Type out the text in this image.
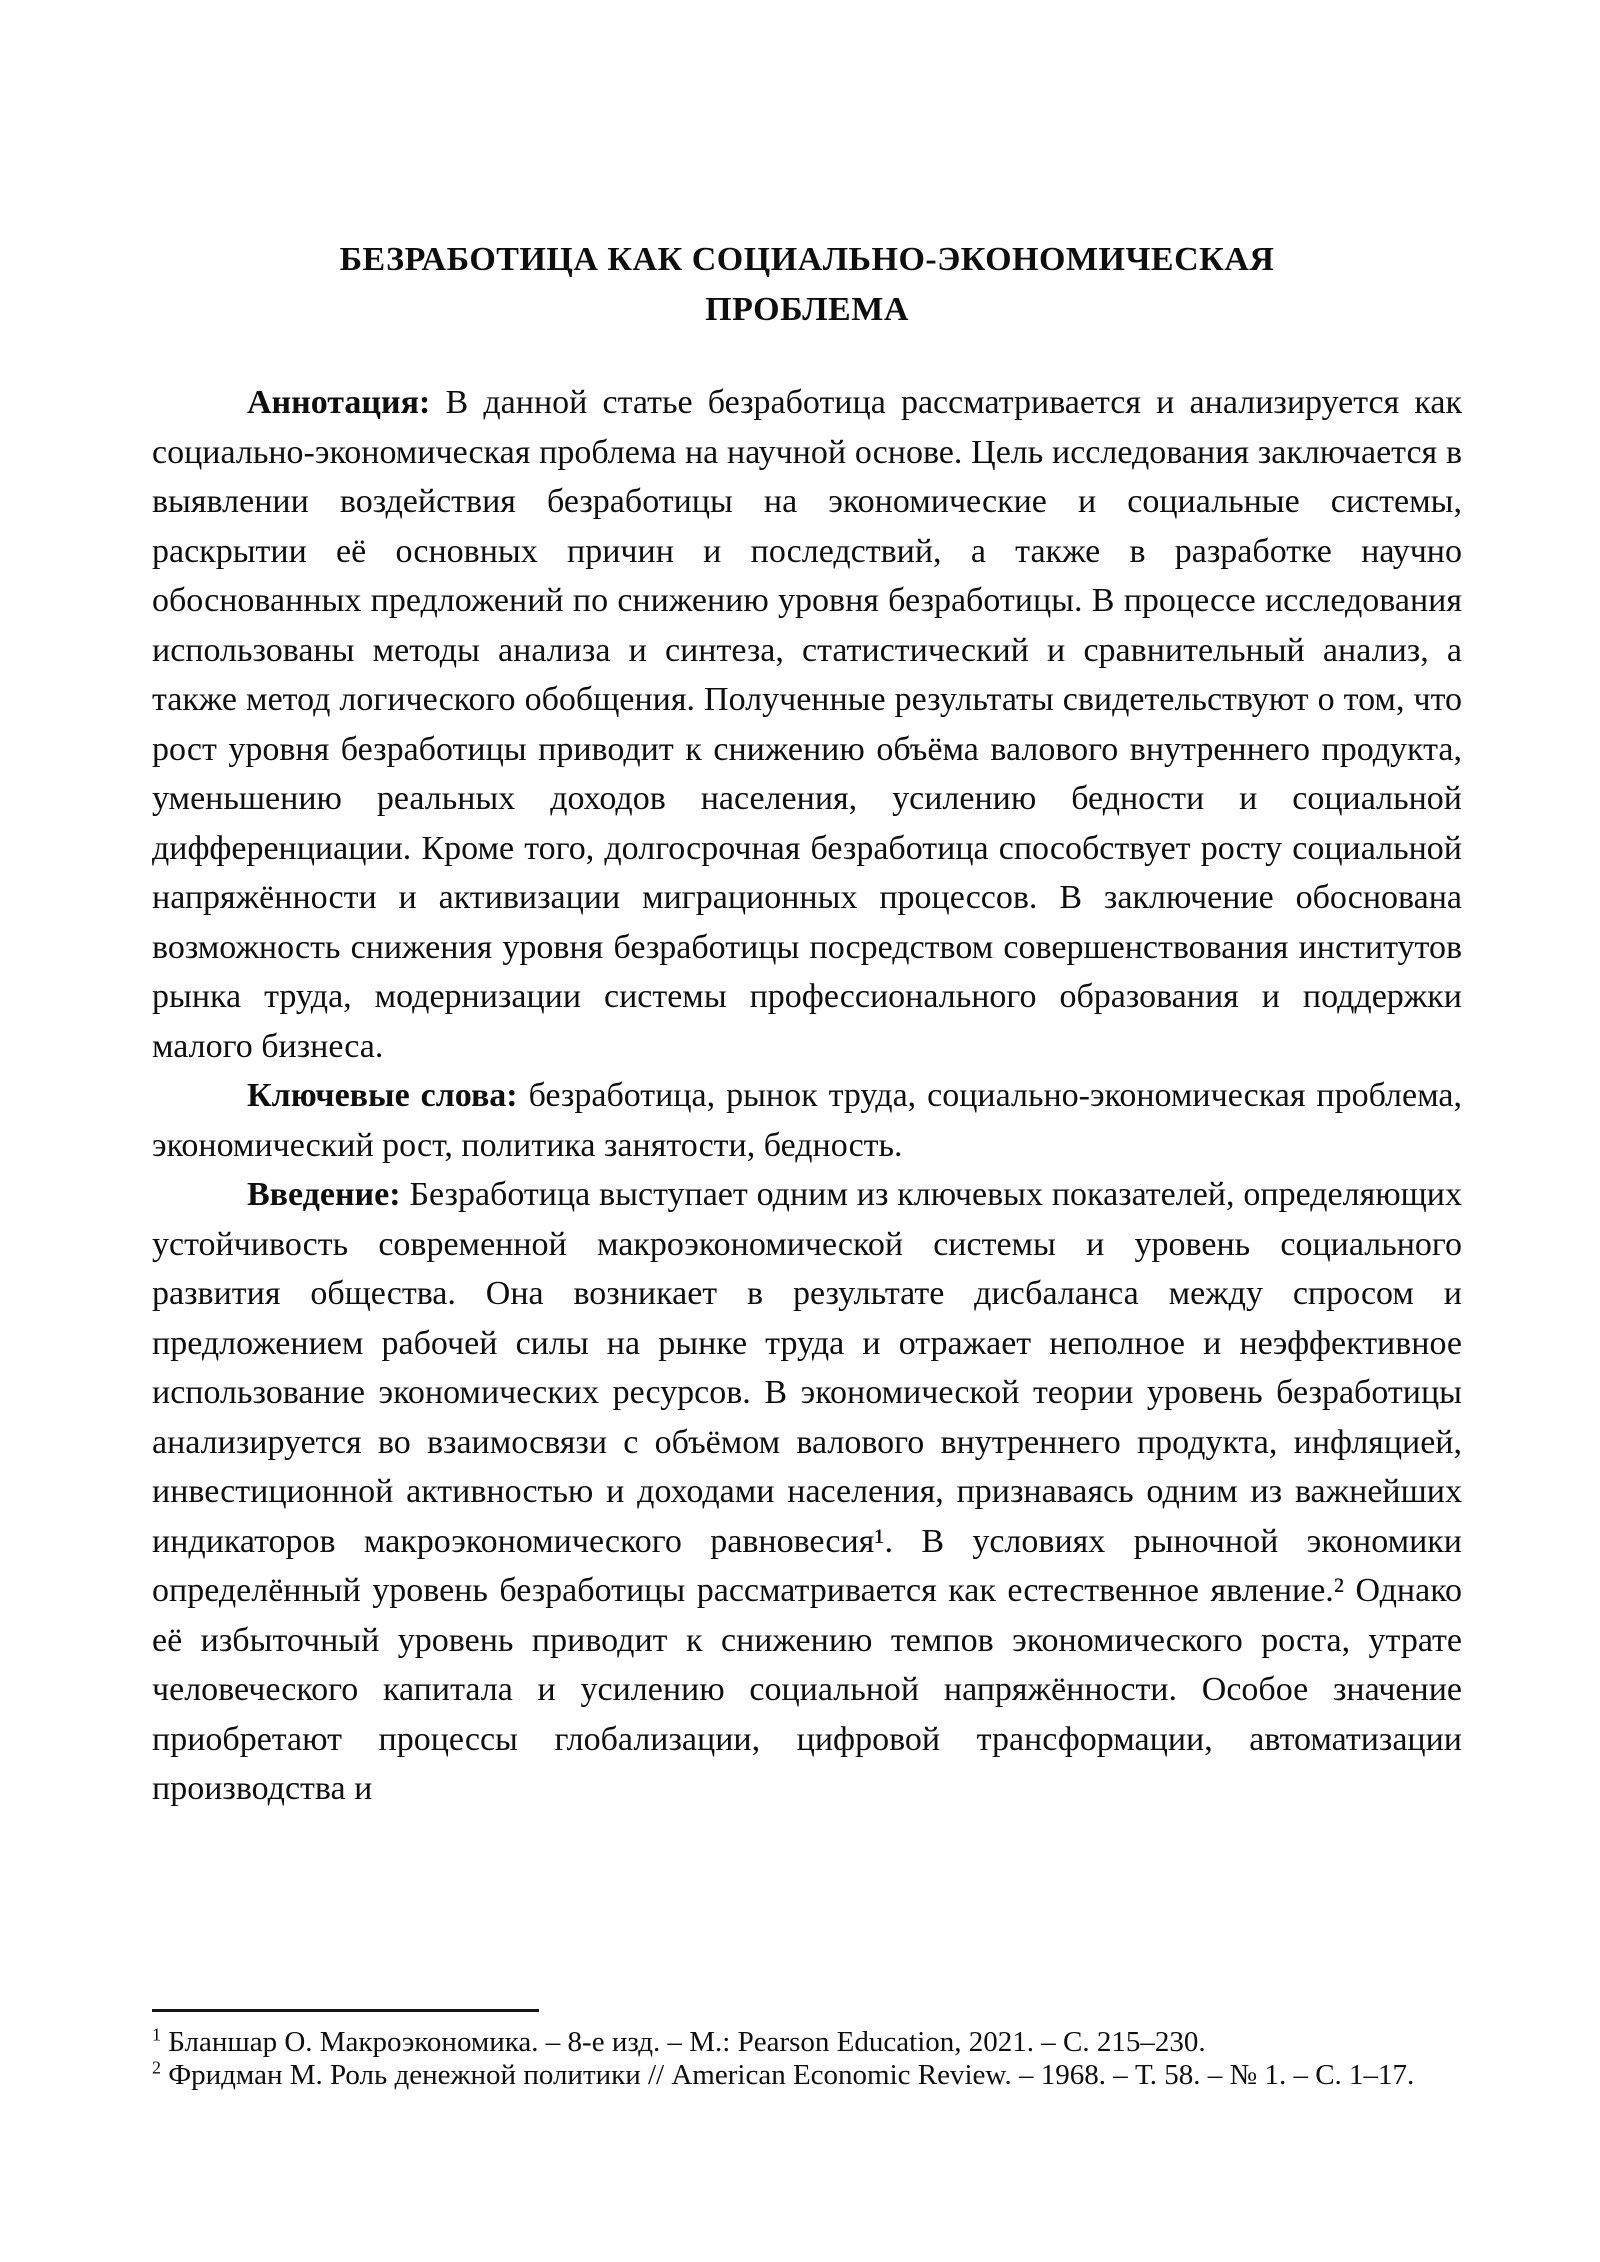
БЕЗРАБОТИЦА КАК СОЦИАЛЬНО-ЭКОНОМИЧЕСКАЯ
ПРОБЛЕМА

Аннотация: В данной статье безработица рассматривается и анализируется как социально-экономическая проблема на научной основе. Цель исследования заключается в выявлении воздействия безработицы на экономические и социальные системы, раскрытии её основных причин и последствий, а также в разработке научно обоснованных предложений по снижению уровня безработицы. В процессе исследования использованы методы анализа и синтеза, статистический и сравнительный анализ, а также метод логического обобщения. Полученные результаты свидетельствуют о том, что рост уровня безработицы приводит к снижению объёма валового внутреннего продукта, уменьшению реальных доходов населения, усилению бедности и социальной дифференциации. Кроме того, долгосрочная безработица способствует росту социальной напряжённости и активизации миграционных процессов. В заключение обоснована возможность снижения уровня безработицы посредством совершенствования институтов рынка труда, модернизации системы профессионального образования и поддержки малого бизнеса.

Ключевые слова: безработица, рынок труда, социально-экономическая проблема, экономический рост, политика занятости, бедность.

Введение: Безработица выступает одним из ключевых показателей, определяющих устойчивость современной макроэкономической системы и уровень социального развития общества. Она возникает в результате дисбаланса между спросом и предложением рабочей силы на рынке труда и отражает неполное и неэффективное использование экономических ресурсов. В экономической теории уровень безработицы анализируется во взаимосвязи с объёмом валового внутреннего продукта, инфляцией, инвестиционной активностью и доходами населения, признаваясь одним из важнейших индикаторов макроэкономического равновесия¹. В условиях рыночной экономики определённый уровень безработицы рассматривается как естественное явление.² Однако её избыточный уровень приводит к снижению темпов экономического роста, утрате человеческого капитала и усилению социальной напряжённости. Особое значение приобретают процессы глобализации, цифровой трансформации, автоматизации производства и

$^1$ Бланшар О. Макроэкономика. – 8-е изд. – М.: Pearson Education, 2021. – С. 215–230.

$^2$ Фридман М. Роль денежной политики // American Economic Review. – 1968. – Т. 58. – № 1. – С. 1–17.
